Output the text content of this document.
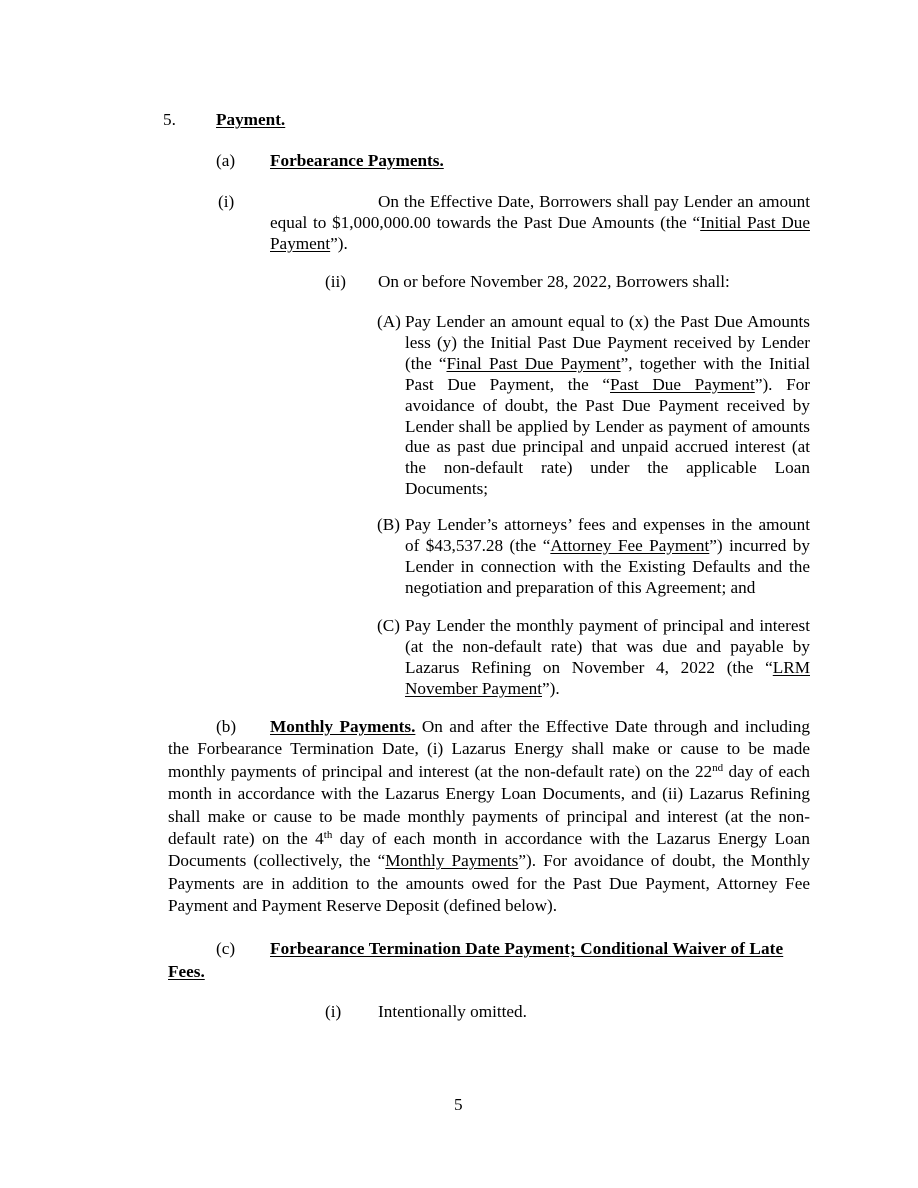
5. Payment.
(a) Forbearance Payments.
(i)	On the Effective Date, Borrowers shall pay Lender an amount equal to $1,000,000.00 towards the Past Due Amounts (the “Initial Past Due Payment”).
(ii) On or before November 28, 2022, Borrowers shall:
(A) Pay Lender an amount equal to (x) the Past Due Amounts less (y) the Initial Past Due Payment received by Lender (the “Final Past Due Payment”, together with the Initial Past Due Payment, the “Past Due Payment”). For avoidance of doubt, the Past Due Payment received by Lender shall be applied by Lender as payment of amounts due as past due principal and unpaid accrued interest (at the non-default rate) under the applicable Loan Documents;
(B) Pay Lender’s attorneys’ fees and expenses in the amount of $43,537.28 (the “Attorney Fee Payment”) incurred by Lender in connection with the Existing Defaults and the negotiation and preparation of this Agreement; and
(C) Pay Lender the monthly payment of principal and interest (at the non-default rate) that was due and payable by Lazarus Refining on November 4, 2022 (the “LRM November Payment”).
(b) Monthly Payments. On and after the Effective Date through and including the Forbearance Termination Date, (i) Lazarus Energy shall make or cause to be made monthly payments of principal and interest (at the non-default rate) on the 22nd day of each month in accordance with the Lazarus Energy Loan Documents, and (ii) Lazarus Refining shall make or cause to be made monthly payments of principal and interest (at the non-default rate) on the 4th day of each month in accordance with the Lazarus Energy Loan Documents (collectively, the “Monthly Payments”). For avoidance of doubt, the Monthly Payments are in addition to the amounts owed for the Past Due Payment, Attorney Fee Payment and Payment Reserve Deposit (defined below).
(c) Forbearance Termination Date Payment; Conditional Waiver of Late
Fees.
(i) Intentionally omitted.
5
